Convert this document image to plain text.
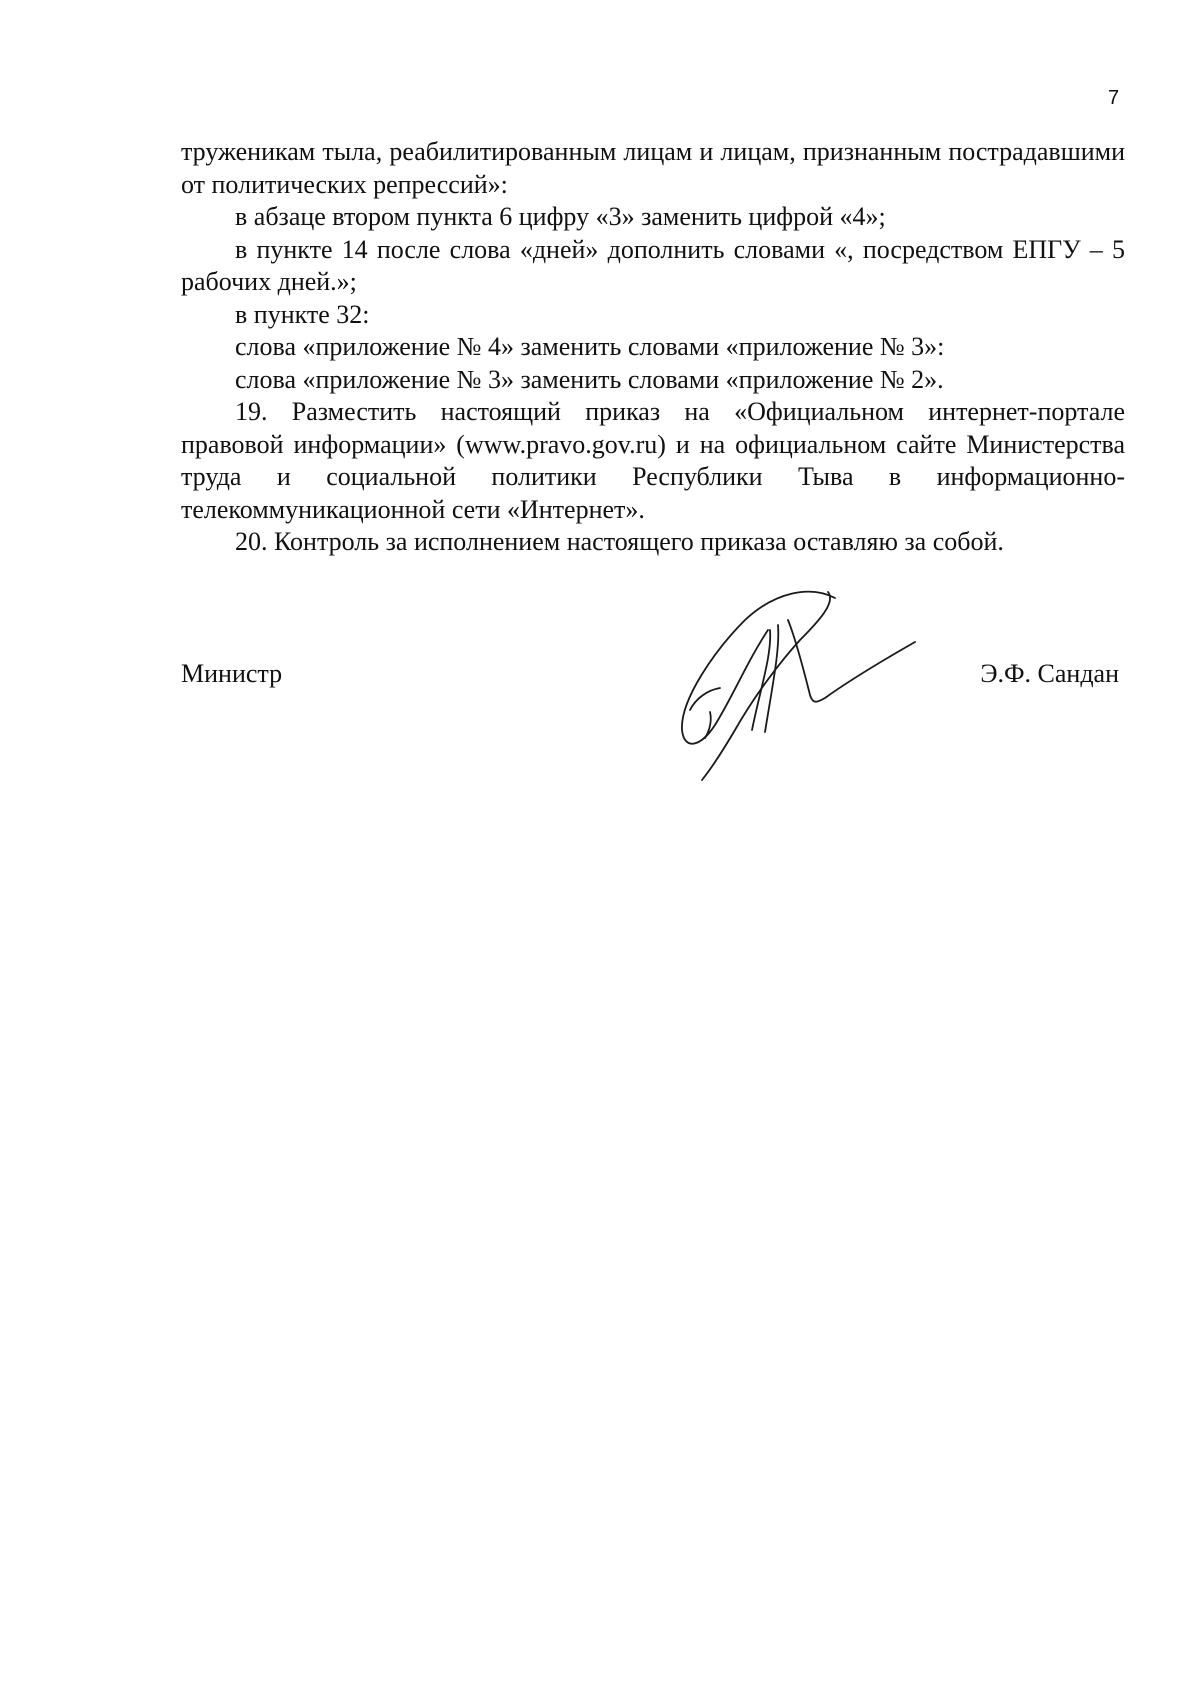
7

труженикам тыла, реабилитированным лицам и лицам, признанным пострадавшими от политических репрессий»:

в абзаце втором пункта 6 цифру «3» заменить цифрой «4»;

в пункте 14 после слова «дней» дополнить словами «, посредством ЕПГУ – 5 рабочих дней.»;

в пункте 32:

слова «приложение № 4» заменить словами «приложение № 3»:

слова «приложение № 3» заменить словами «приложение № 2».

19. Разместить настоящий приказ на «Официальном интернет-портале правовой информации» (www.pravo.gov.ru) и на официальном сайте Министерства труда и социальной политики Республики Тыва в информационно-телекоммуникационной сети «Интернет».

20. Контроль за исполнением настоящего приказа оставляю за собой.

Министр	Э.Ф. Сандан
